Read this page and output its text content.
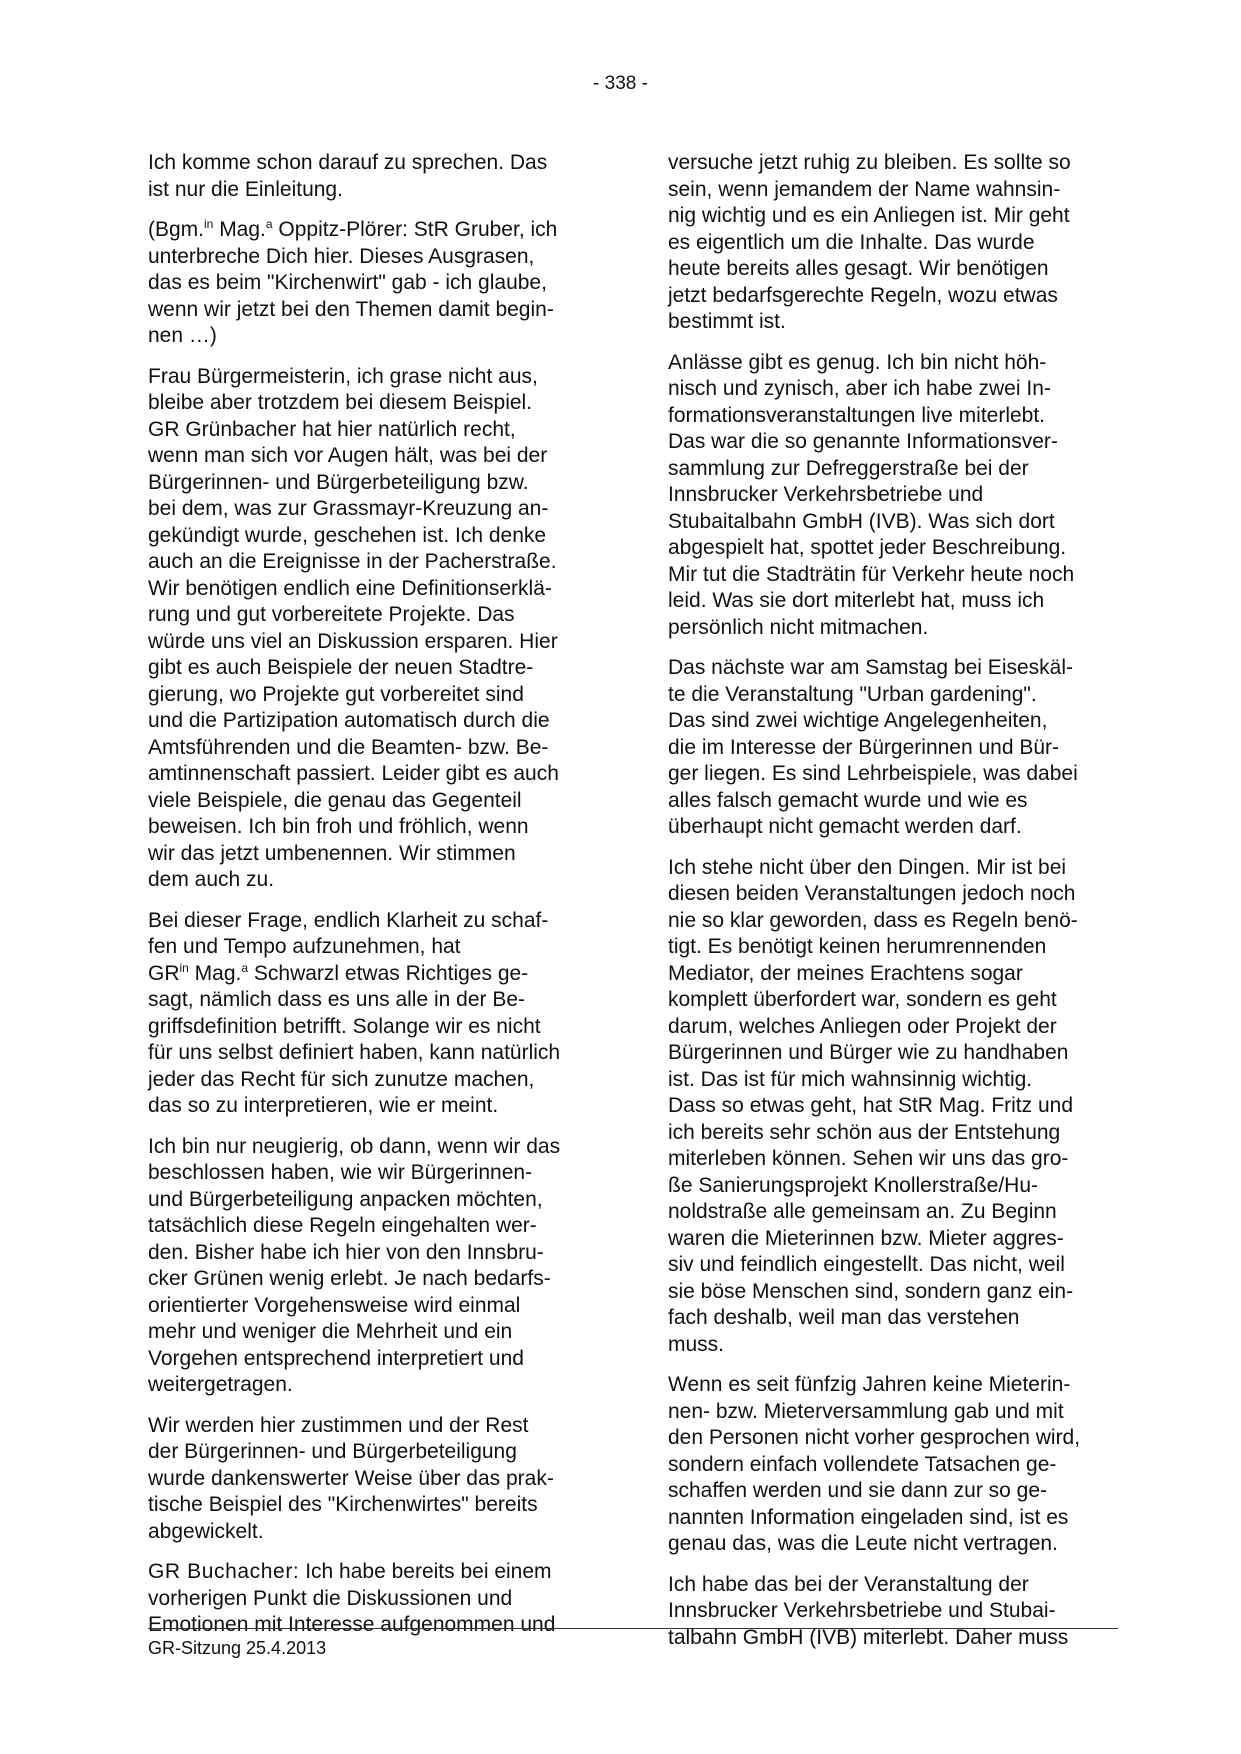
- 338 -

Ich komme schon darauf zu sprechen. Das
ist nur die Einleitung.

(Bgm.$^{in}$ Mag.$^a$ Oppitz-Plörer: StR Gruber, ich
unterbreche Dich hier. Dieses Ausgrasen,
das es beim "Kirchenwirt" gab - ich glaube,
wenn wir jetzt bei den Themen damit begin-
nen …)

Frau Bürgermeisterin, ich grase nicht aus,
bleibe aber trotzdem bei diesem Beispiel.
GR Grünbacher hat hier natürlich recht,
wenn man sich vor Augen hält, was bei der
Bürgerinnen- und Bürgerbeteiligung bzw.
bei dem, was zur Grassmayr-Kreuzung an-
gekündigt wurde, geschehen ist. Ich denke
auch an die Ereignisse in der Pacherstraße.
Wir benötigen endlich eine Definitionserklä-
rung und gut vorbereitete Projekte. Das
würde uns viel an Diskussion ersparen. Hier
gibt es auch Beispiele der neuen Stadtre-
gierung, wo Projekte gut vorbereitet sind
und die Partizipation automatisch durch die
Amtsführenden und die Beamten- bzw. Be-
amtinnenschaft passiert. Leider gibt es auch
viele Beispiele, die genau das Gegenteil
beweisen. Ich bin froh und fröhlich, wenn
wir das jetzt umbenennen. Wir stimmen
dem auch zu.

Bei dieser Frage, endlich Klarheit zu schaf-
fen und Tempo aufzunehmen, hat
$GR^{in}$ Mag.$^a$ Schwarzl etwas Richtiges ge-
sagt, nämlich dass es uns alle in der Be-
griffsdefinition betrifft. Solange wir es nicht
für uns selbst definiert haben, kann natürlich
jeder das Recht für sich zunutze machen,
das so zu interpretieren, wie er meint.

Ich bin nur neugierig, ob dann, wenn wir das
beschlossen haben, wie wir Bürgerinnen-
und Bürgerbeteiligung anpacken möchten,
tatsächlich diese Regeln eingehalten wer-
den. Bisher habe ich hier von den Innsbru-
cker Grünen wenig erlebt. Je nach bedarfs-
orientierter Vorgehensweise wird einmal
mehr und weniger die Mehrheit und ein
Vorgehen entsprechend interpretiert und
weitergetragen.

Wir werden hier zustimmen und der Rest
der Bürgerinnen- und Bürgerbeteiligung
wurde dankenswerter Weise über das prak-
tische Beispiel des "Kirchenwirtes" bereits
abgewickelt.

GR Buchacher: Ich habe bereits bei einem
vorherigen Punkt die Diskussionen und
Emotionen mit Interesse aufgenommen und

versuche jetzt ruhig zu bleiben. Es sollte so
sein, wenn jemandem der Name wahnsin-
nig wichtig und es ein Anliegen ist. Mir geht
es eigentlich um die Inhalte. Das wurde
heute bereits alles gesagt. Wir benötigen
jetzt bedarfsgerechte Regeln, wozu etwas
bestimmt ist.

Anlässe gibt es genug. Ich bin nicht höh-
nisch und zynisch, aber ich habe zwei In-
formationsveranstaltungen live miterlebt.
Das war die so genannte Informationsver-
sammlung zur Defreggerstraße bei der
Innsbrucker Verkehrsbetriebe und
Stubaitalbahn GmbH (IVB). Was sich dort
abgespielt hat, spottet jeder Beschreibung.
Mir tut die Stadträtin für Verkehr heute noch
leid. Was sie dort miterlebt hat, muss ich
persönlich nicht mitmachen.

Das nächste war am Samstag bei Eiseskäl-
te die Veranstaltung "Urban gardening".
Das sind zwei wichtige Angelegenheiten,
die im Interesse der Bürgerinnen und Bür-
ger liegen. Es sind Lehrbeispiele, was dabei
alles falsch gemacht wurde und wie es
überhaupt nicht gemacht werden darf.

Ich stehe nicht über den Dingen. Mir ist bei
diesen beiden Veranstaltungen jedoch noch
nie so klar geworden, dass es Regeln benö-
tigt. Es benötigt keinen herumrennenden
Mediator, der meines Erachtens sogar
komplett überfordert war, sondern es geht
darum, welches Anliegen oder Projekt der
Bürgerinnen und Bürger wie zu handhaben
ist. Das ist für mich wahnsinnig wichtig.
Dass so etwas geht, hat StR Mag. Fritz und
ich bereits sehr schön aus der Entstehung
miterleben können. Sehen wir uns das gro-
ße Sanierungsprojekt Knollerstraße/Hu-
noldstraße alle gemeinsam an. Zu Beginn
waren die Mieterinnen bzw. Mieter aggres-
siv und feindlich eingestellt. Das nicht, weil
sie böse Menschen sind, sondern ganz ein-
fach deshalb, weil man das verstehen
muss.

Wenn es seit fünfzig Jahren keine Mieterin-
nen- bzw. Mieterversammlung gab und mit
den Personen nicht vorher gesprochen wird,
sondern einfach vollendete Tatsachen ge-
schaffen werden und sie dann zur so ge-
nannten Information eingeladen sind, ist es
genau das, was die Leute nicht vertragen.

Ich habe das bei der Veranstaltung der
Innsbrucker Verkehrsbetriebe und Stubai-
talbahn GmbH (IVB) miterlebt. Daher muss

GR-Sitzung 25.4.2013
